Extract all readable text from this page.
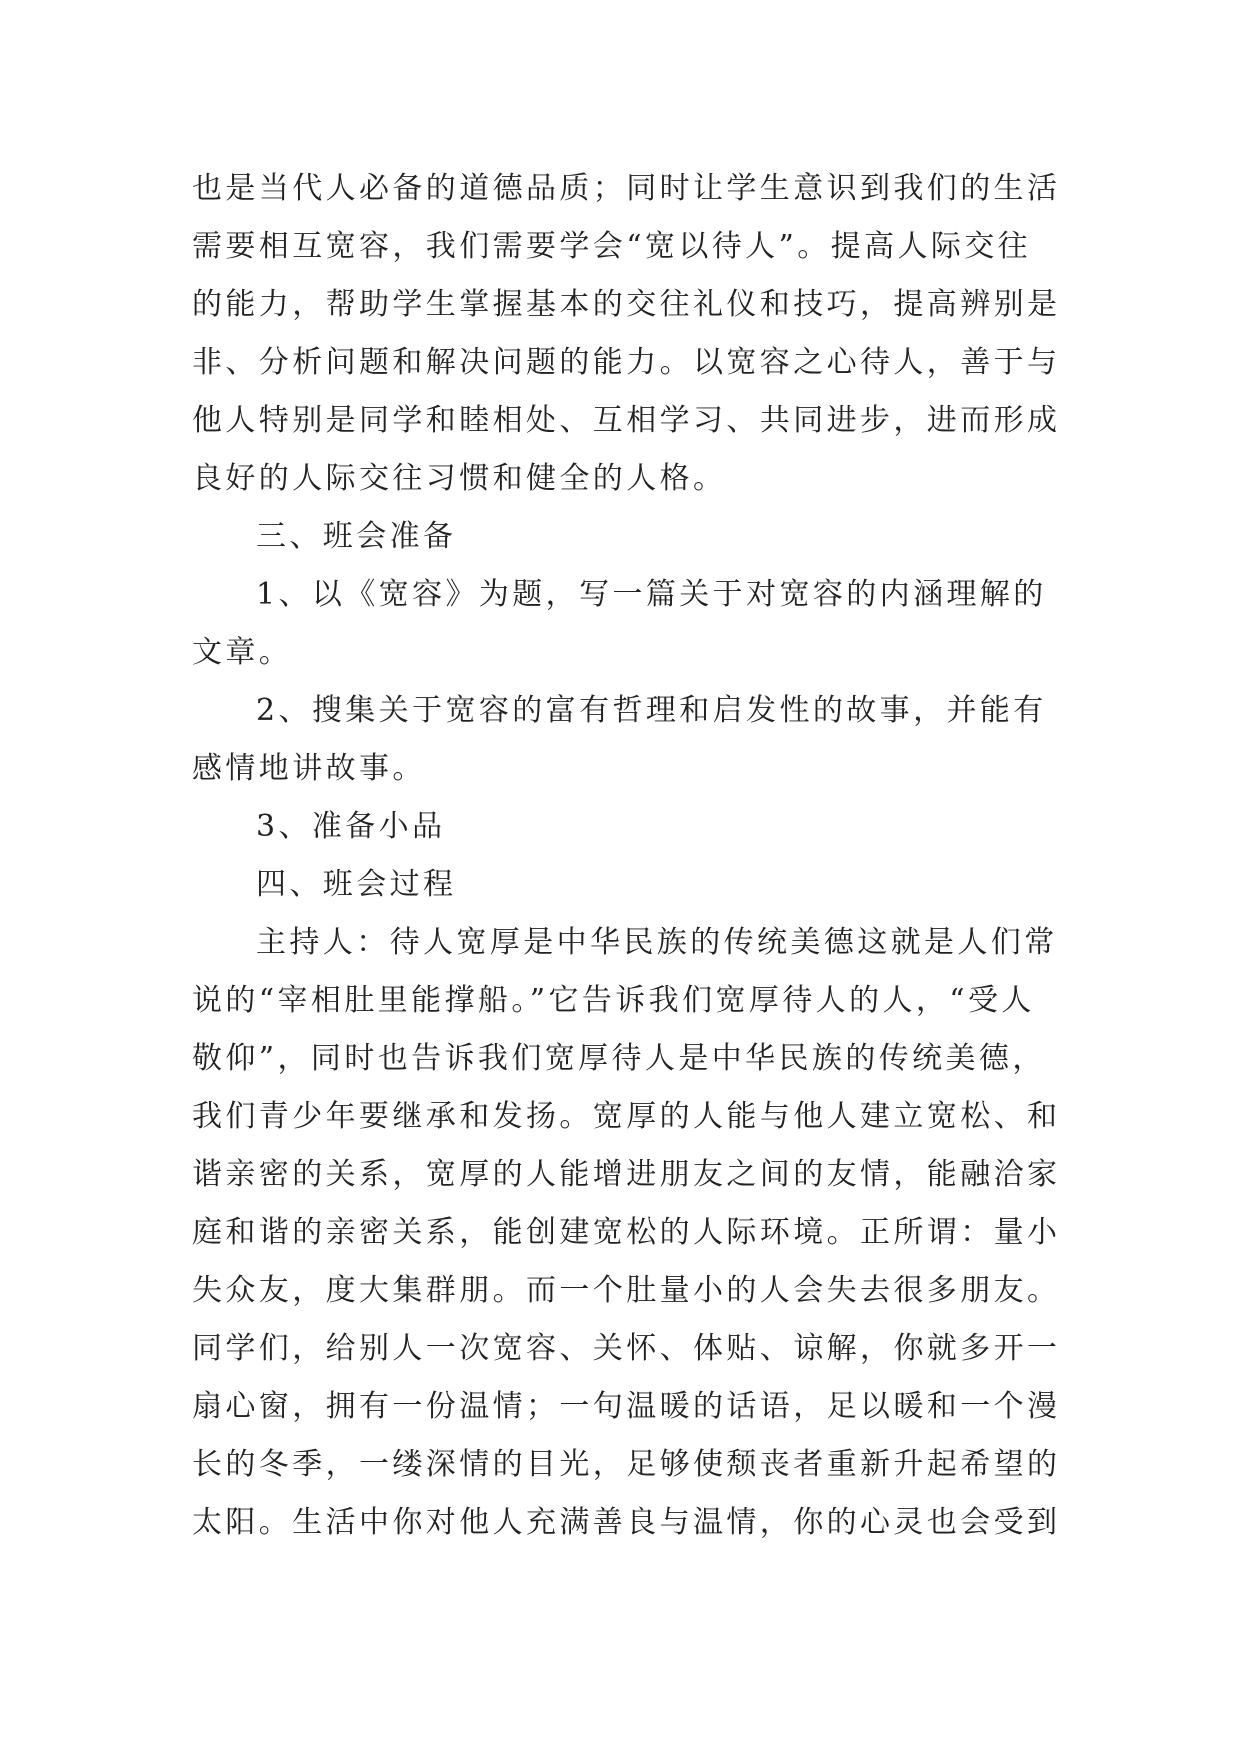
也是当代人必备的道德品质；同时让学生意识到我们的生活
需要相互宽容，我们需要学会“宽以待人”。提高人际交往
的能力，帮助学生掌握基本的交往礼仪和技巧，提高辨别是
非、分析问题和解决问题的能力。以宽容之心待人，善于与
他人特别是同学和睦相处、互相学习、共同进步，进而形成
良好的人际交往习惯和健全的人格。
三、班会准备
1、以《宽容》为题，写一篇关于对宽容的内涵理解的
文章。
2、搜集关于宽容的富有哲理和启发性的故事，并能有
感情地讲故事。
3、准备小品
四、班会过程
主持人：待人宽厚是中华民族的传统美德这就是人们常
说的“宰相肚里能撑船。”它告诉我们宽厚待人的人，“受人
敬仰”，同时也告诉我们宽厚待人是中华民族的传统美德，
我们青少年要继承和发扬。宽厚的人能与他人建立宽松、和
谐亲密的关系，宽厚的人能增进朋友之间的友情，能融洽家
庭和谐的亲密关系，能创建宽松的人际环境。正所谓：量小
失众友，度大集群朋。而一个肚量小的人会失去很多朋友。
同学们，给别人一次宽容、关怀、体贴、谅解，你就多开一
扇心窗，拥有一份温情；一句温暖的话语，足以暖和一个漫
长的冬季，一缕深情的目光，足够使颓丧者重新升起希望的
太阳。生活中你对他人充满善良与温情，你的心灵也会受到
